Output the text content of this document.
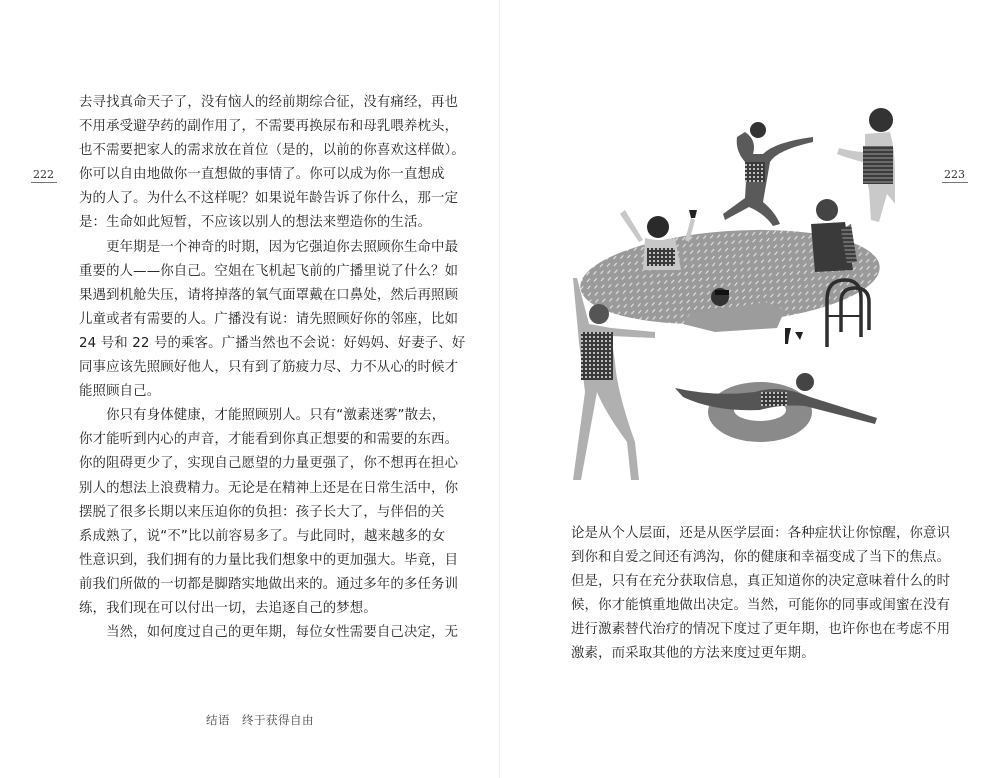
222

去寻找真命天子了，没有恼人的经前期综合征，没有痛经，再也

不用承受避孕药的副作用了，不需要再换尿布和母乳喂养枕头，

也不需要把家人的需求放在首位（是的，以前的你喜欢这样做）。

你可以自由地做你一直想做的事情了。你可以成为你一直想成

为的人了。为什么不这样呢？如果说年龄告诉了你什么，那一定

是：生命如此短暂，不应该以别人的想法来塑造你的生活。

　　更年期是一个神奇的时期，因为它强迫你去照顾你生命中最

重要的人——你自己。空姐在飞机起飞前的广播里说了什么？如

果遇到机舱失压，请将掉落的氧气面罩戴在口鼻处，然后再照顾

儿童或者有需要的人。广播没有说：请先照顾好你的邻座，比如

24 号和 22 号的乘客。广播当然也不会说：好妈妈、好妻子、好

同事应该先照顾好他人，只有到了筋疲力尽、力不从心的时候才

能照顾自己。

　　你只有身体健康，才能照顾别人。只有“激素迷雾”散去，

你才能听到内心的声音，才能看到你真正想要的和需要的东西。

你的阻碍更少了，实现自己愿望的力量更强了，你不想再在担心

别人的想法上浪费精力。无论是在精神上还是在日常生活中，你

摆脱了很多长期以来压迫你的负担：孩子长大了，与伴侣的关

系成熟了，说“不”比以前容易多了。与此同时，越来越多的女

性意识到，我们拥有的力量比我们想象中的更加强大。毕竟，目

前我们所做的一切都是脚踏实地做出来的。通过多年的多任务训

练，我们现在可以付出一切，去追逐自己的梦想。

　　当然，如何度过自己的更年期，每位女性需要自己决定，无

结语　终于获得自由
223

论是从个人层面，还是从医学层面：各种症状让你惊醒，你意识

到你和自爱之间还有鸿沟，你的健康和幸福变成了当下的焦点。

但是，只有在充分获取信息，真正知道你的决定意味着什么的时

候，你才能慎重地做出决定。当然，可能你的同事或闺蜜在没有

进行激素替代治疗的情况下度过了更年期，也许你也在考虑不用

激素，而采取其他的方法来度过更年期。
